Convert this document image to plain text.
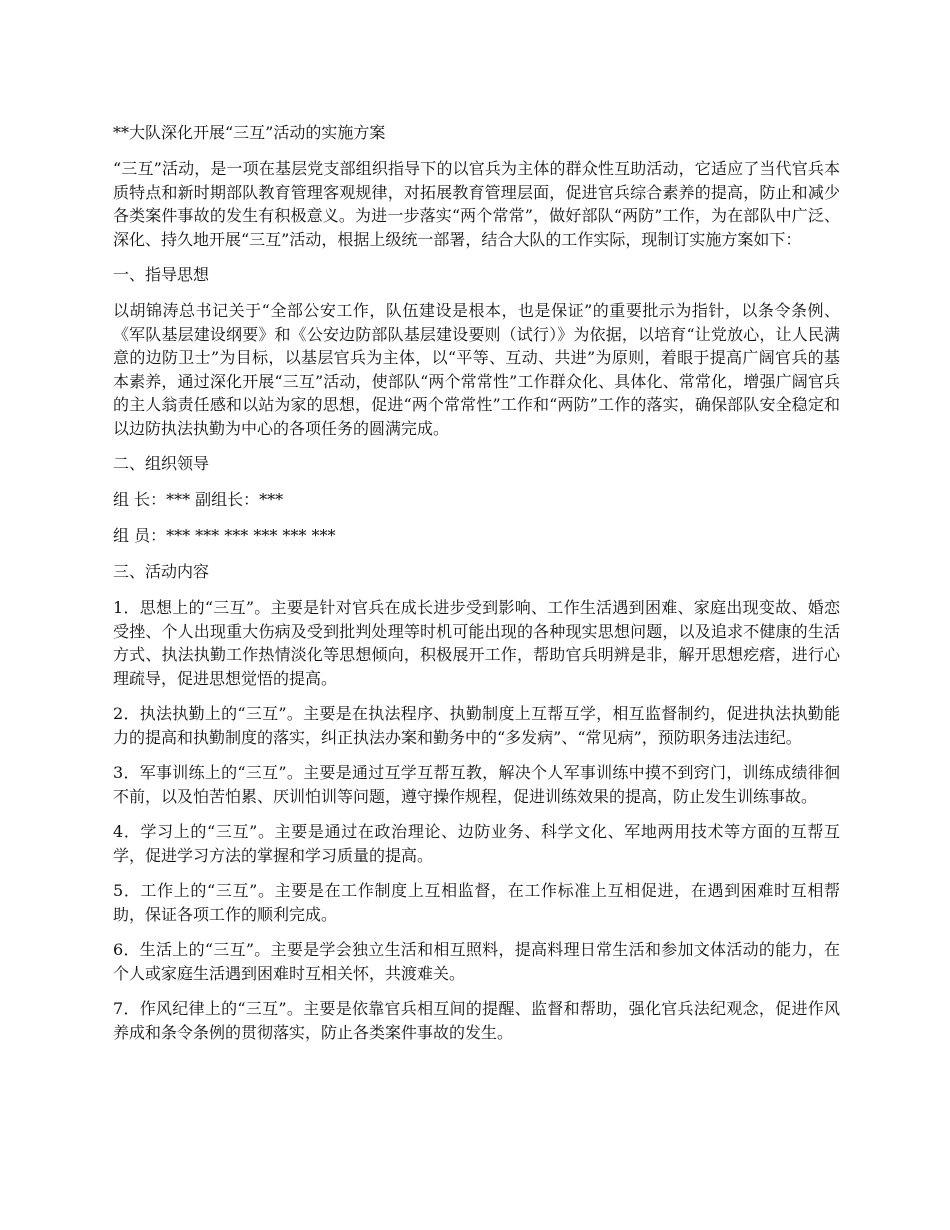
**大队深化开展“三互”活动的实施方案
“三互”活动，是一项在基层党支部组织指导下的以官兵为主体的群众性互助活动，它适应了当代官兵本质特点和新时期部队教育管理客观规律，对拓展教育管理层面，促进官兵综合素养的提高，防止和减少各类案件事故的发生有积极意义。为进一步落实“两个常常”，做好部队“两防”工作，为在部队中广泛、深化、持久地开展“三互”活动，根据上级统一部署，结合大队的工作实际，现制订实施方案如下：
一、指导思想
以胡锦涛总书记关于“全部公安工作，队伍建设是根本，也是保证”的重要批示为指针，以条令条例、《军队基层建设纲要》和《公安边防部队基层建设要则（试行）》为依据，以培育“让党放心，让人民满意的边防卫士”为目标，以基层官兵为主体，以“平等、互动、共进”为原则，着眼于提高广阔官兵的基本素养，通过深化开展“三互”活动，使部队“两个常常性”工作群众化、具体化、常常化，增强广阔官兵的主人翁责任感和以站为家的思想，促进“两个常常性”工作和“两防”工作的落实，确保部队安全稳定和以边防执法执勤为中心的各项任务的圆满完成。
二、组织领导
组 长：*** 副组长：***
组 员：*** *** *** *** *** ***
三、活动内容
1．思想上的“三互”。主要是针对官兵在成长进步受到影响、工作生活遇到困难、家庭出现变故、婚恋受挫、个人出现重大伤病及受到批判处理等时机可能出现的各种现实思想问题，以及追求不健康的生活方式、执法执勤工作热情淡化等思想倾向，积极展开工作，帮助官兵明辨是非，解开思想疙瘩，进行心理疏导，促进思想觉悟的提高。
2．执法执勤上的“三互”。主要是在执法程序、执勤制度上互帮互学，相互监督制约，促进执法执勤能力的提高和执勤制度的落实，纠正执法办案和勤务中的“多发病”、“常见病”，预防职务违法违纪。
3．军事训练上的“三互”。主要是通过互学互帮互教，解决个人军事训练中摸不到窍门，训练成绩徘徊不前，以及怕苦怕累、厌训怕训等问题，遵守操作规程，促进训练效果的提高，防止发生训练事故。
4．学习上的“三互”。主要是通过在政治理论、边防业务、科学文化、军地两用技术等方面的互帮互学，促进学习方法的掌握和学习质量的提高。
5．工作上的“三互”。主要是在工作制度上互相监督，在工作标准上互相促进，在遇到困难时互相帮助，保证各项工作的顺利完成。
6．生活上的“三互”。主要是学会独立生活和相互照料，提高料理日常生活和参加文体活动的能力，在个人或家庭生活遇到困难时互相关怀，共渡难关。
7．作风纪律上的“三互”。主要是依靠官兵相互间的提醒、监督和帮助，强化官兵法纪观念，促进作风养成和条令条例的贯彻落实，防止各类案件事故的发生。
